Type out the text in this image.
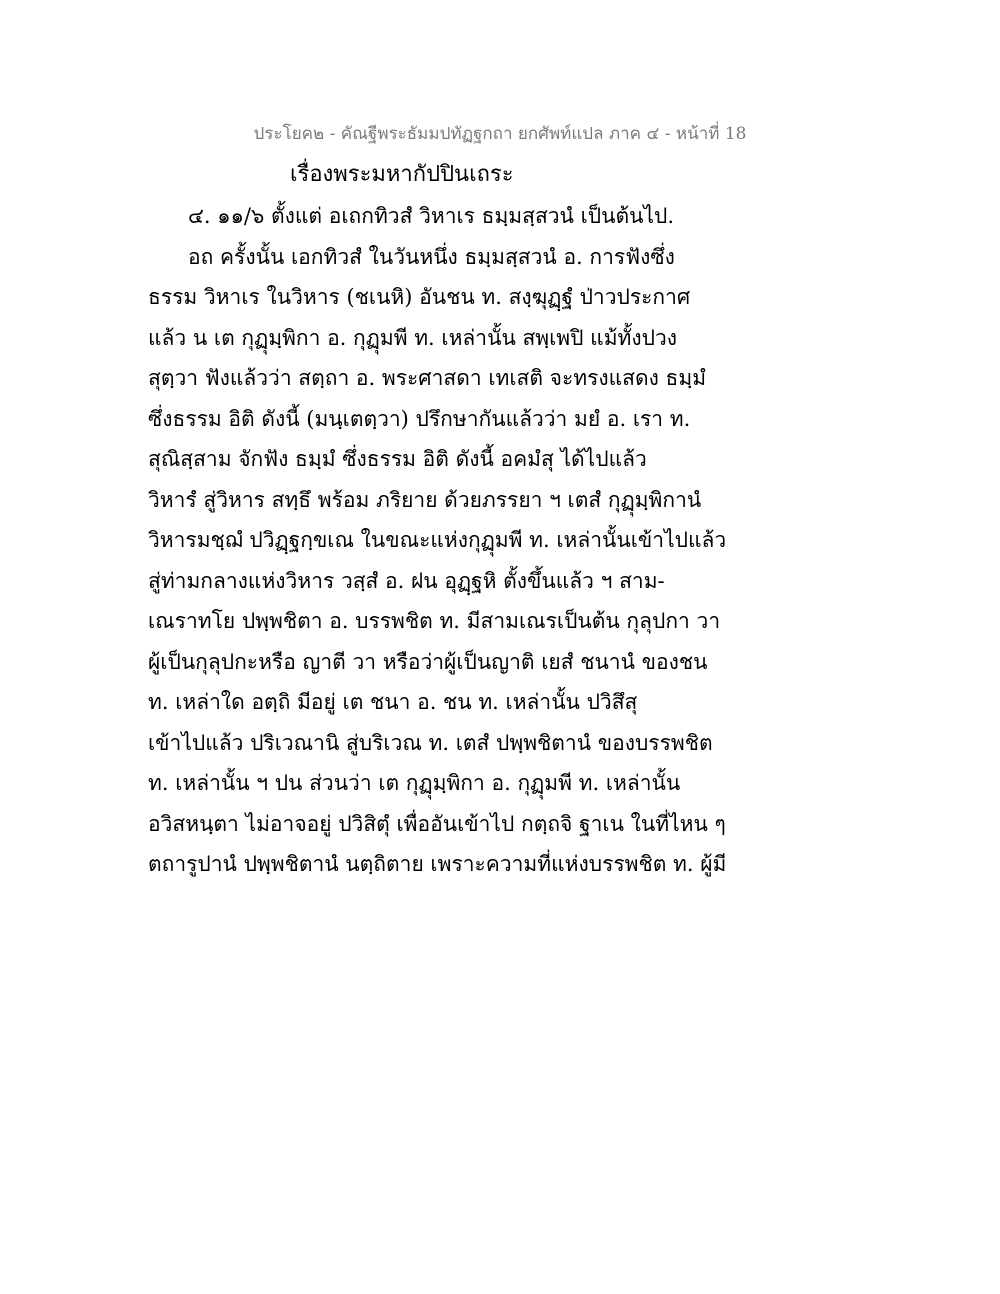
ประโยค๒ - คัณฐีพระธัมมปทัฏฐกถา ยกศัพท์แปล ภาค ๔ - หน้าที่ 18
เรื่องพระมหากัปปินเถระ
๔. ๑๑/๖ ตั้งแต่ อเถกทิวสํ วิหาเร ธมฺมสฺสวนํ เป็นต้นไป.
อถ ครั้งนั้น เอกทิวสํ ในวันหนึ่ง ธมฺมสฺสวนํ อ. การฟังซึ่ง
ธรรม วิหาเร ในวิหาร (ชเนหิ) อันชน ท. สงฺฆุฏฺฐํ ป่าวประกาศ
แล้ว น เต กุฏุมฺพิกา อ. กุฏุมพี ท. เหล่านั้น สพฺเพปิ แม้ทั้งปวง
สุตฺวา ฟังแล้วว่า สตฺถา อ. พระศาสดา เทเสติ จะทรงแสดง ธมฺมํ
ซึ่งธรรม อิติ ดังนี้ (มนฺเตตฺวา) ปรึกษากันแล้วว่า มยํ อ. เรา ท.
สุณิสฺสาม จักฟัง ธมฺมํ ซึ่งธรรม อิติ ดังนี้ อคมํสุ ได้ไปแล้ว
วิหารํ สู่วิหาร สทฺธึ พร้อม ภริยาย ด้วยภรรยา ฯ เตสํ กุฏุมฺพิกานํ
วิหารมชฺฌํ ปวิฏฺฐกฺขเณ ในขณะแห่งกุฏุมพี ท. เหล่านั้นเข้าไปแล้ว
สู่ท่ามกลางแห่งวิหาร วสฺสํ อ. ฝน อุฏฺฐหิ ตั้งขึ้นแล้ว ฯ สาม-
เณราทโย ปพฺพชิตา อ. บรรพชิต ท. มีสามเณรเป็นต้น กุลุปกา วา
ผู้เป็นกุลุปกะหรือ ญาตี วา หรือว่าผู้เป็นญาติ เยสํ ชนานํ ของชน
ท. เหล่าใด อตฺถิ มีอยู่ เต ชนา อ. ชน ท. เหล่านั้น ปวิสึสุ
เข้าไปแล้ว ปริเวณานิ สู่บริเวณ ท. เตสํ ปพฺพชิตานํ ของบรรพชิต
ท. เหล่านั้น ฯ ปน ส่วนว่า เต กุฏุมฺพิกา อ. กุฏุมพี ท. เหล่านั้น
อวิสหนฺตา ไม่อาจอยู่ ปวิสิตุํ เพื่ออันเข้าไป กตฺถจิ ฐาเน ในที่ไหน ๆ
ตถารูปานํ ปพฺพชิตานํ นตฺถิตาย เพราะความที่แห่งบรรพชิต ท. ผู้มี
